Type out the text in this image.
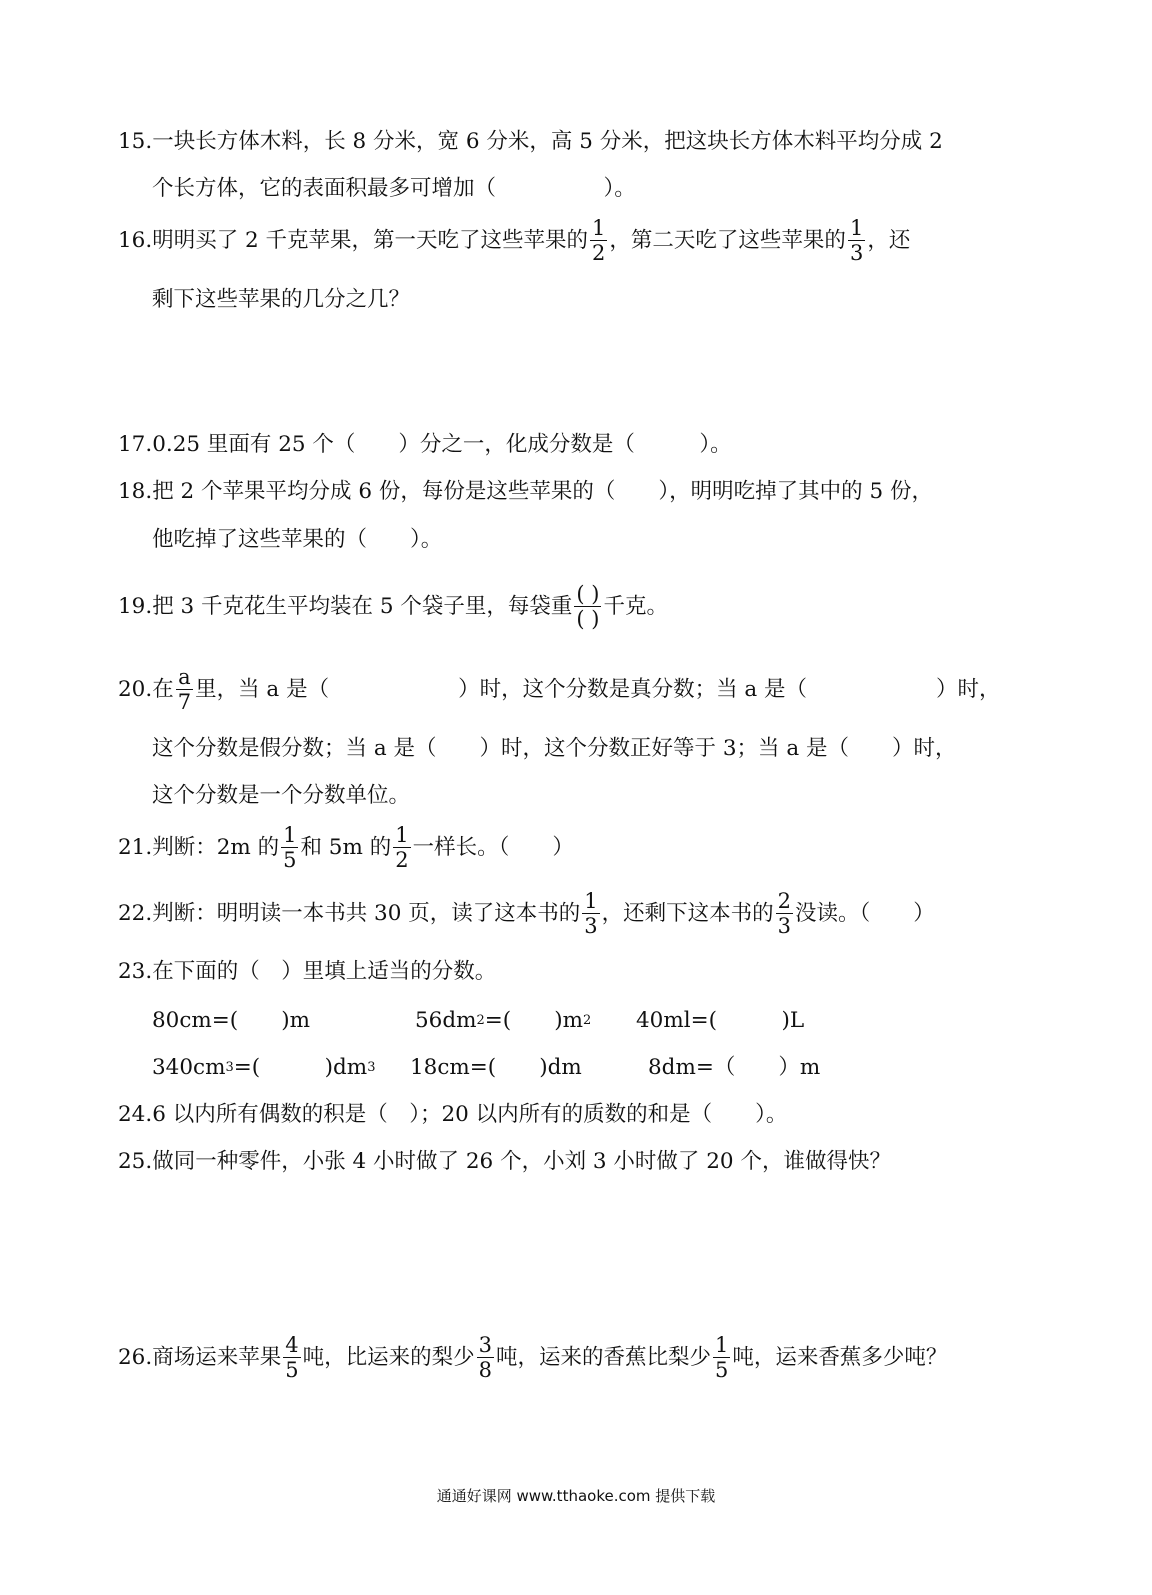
15.一块长方体木料，长 8 分米，宽 6 分米，高 5 分米，把这块长方体木料平均分成 2
个长方体，它的表面积最多可增加（　　　　　）。
16.明明买了 2 千克苹果，第一天吃了这些苹果的 $\frac{1}{2}$ ，第二天吃了这些苹果的 $\frac{1}{3}$ ，还
剩下这些苹果的几分之几？
17.0.25 里面有 25 个（　　）分之一，化成分数是（　　　）。
18.把 2 个苹果平均分成 6 份，每份是这些苹果的（　　），明明吃掉了其中的 5 份，
他吃掉了这些苹果的（　　）。
19.把 3 千克花生平均装在 5 个袋子里，每袋重 $\frac{( )}{( )}$ 千克。
20.在 $\frac{a}{7}$ 里，当 a 是（　　　　　　）时，这个分数是真分数；当 a 是（　　　　　　）时，
这个分数是假分数；当 a 是（　　）时，这个分数正好等于 3；当 a 是（　　）时，
这个分数是一个分数单位。
21.判断：2m 的 $\frac{1}{5}$ 和 5m 的 $\frac{1}{2}$ 一样长。（　　）
22.判断：明明读一本书共 30 页，读了这本书的 $\frac{1}{3}$ ，还剩下这本书的 $\frac{2}{3}$ 没读。（　　）
23.在下面的（　）里填上适当的分数。
80cm=(　　)m	56dm 2 =(　　)m 2 40ml=(　　　)L
340cm 3 =(　　　)dm 3 18cm=(　　)dm	8dm=（　　）m
24.6 以内所有偶数的积是（　）；20 以内所有的质数的和是（　　）。
25.做同一种零件，小张 4 小时做了 26 个，小刘 3 小时做了 20 个，谁做得快？
26.商场运来苹果 $\frac{4}{5}$ 吨，比运来的梨少 $\frac{3}{8}$ 吨，运来的香蕉比梨少 $\frac{1}{5}$ 吨，运来香蕉多少吨？
通通好课网 www.tthaoke.com 提供下载
